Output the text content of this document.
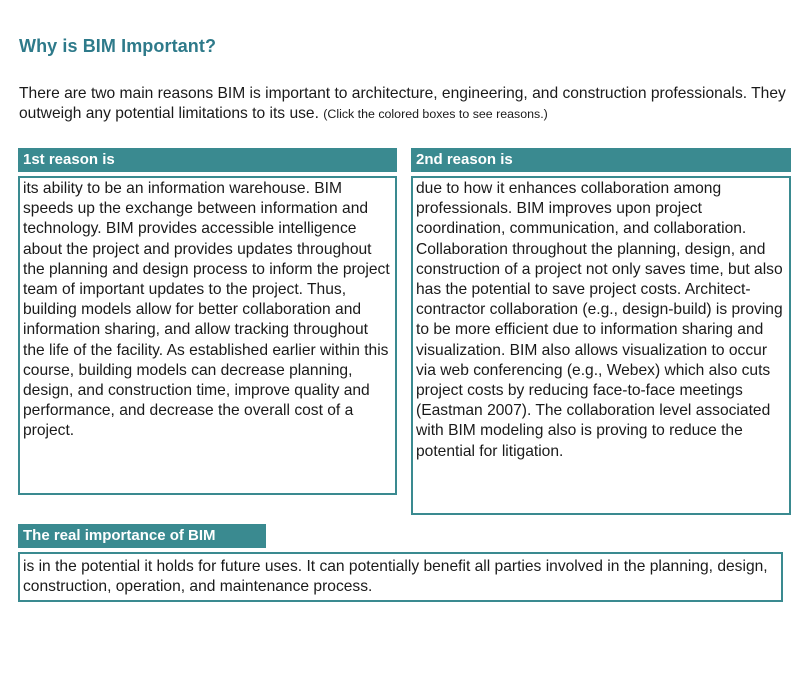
Why is BIM Important?

There are two main reasons BIM is important to architecture, engineering, and construction professionals. They outweigh any potential limitations to its use. (Click the colored boxes to see reasons.)

1st reason is
its ability to be an information warehouse. BIM speeds up the exchange between information and technology. BIM provides accessible intelligence about the project and provides updates throughout the planning and design process to inform the project team of important updates to the project. Thus, building models allow for better collaboration and information sharing, and allow tracking throughout the life of the facility. As established earlier within this course, building models can decrease planning, design, and construction time, improve quality and performance, and decrease the overall cost of a project.
2nd reason is
due to how it enhances collaboration among professionals. BIM improves upon project coordination, communication, and collaboration. Collaboration throughout the planning, design, and construction of a project not only saves time, but also has the potential to save project costs. Architect- contractor collaboration (e.g., design-build) is proving to be more efficient due to information sharing and visualization. BIM also allows visualization to occur via web conferencing (e.g., Webex) which also cuts project costs by reducing face-to-face meetings (Eastman 2007). The collaboration level associated with BIM modeling also is proving to reduce the potential for litigation.
The real importance of BIM
is in the potential it holds for future uses. It can potentially benefit all parties involved in the planning, design, construction, operation, and maintenance process.
